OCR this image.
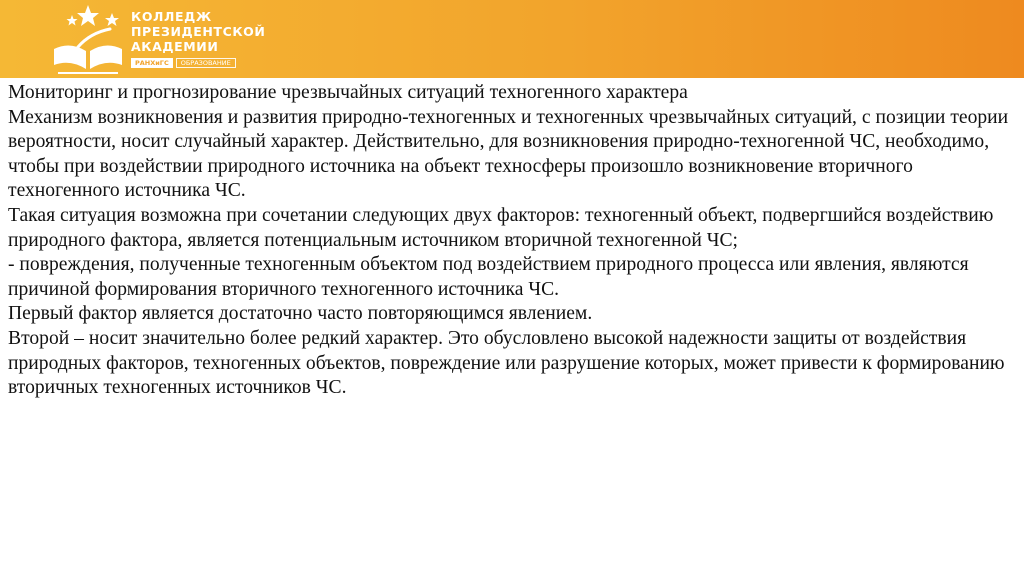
КОЛЛЕДЖ
ПРЕЗИДЕНТСКОЙ
АКАДЕМИИ
РАНХиГС	ОБРАЗОВАНИЕ

Мониторинг и прогнозирование чрезвычайных ситуаций техногенного характера

Механизм возникновения и развития природно-техногенных и техногенных чрезвычайных ситуаций, с позиции теории вероятности, носит случайный характер. Действительно, для возникновения природно-техногенной ЧС, необходимо, чтобы при воздействии природного источника на объект техносферы произошло возникновение вторичного техногенного источника ЧС.

Такая ситуация возможна при сочетании следующих двух факторов: техногенный объект, подвергшийся воздействию природного фактора, является потенциальным источником вторичной техногенной ЧС;

- повреждения, полученные техногенным объектом под воздействием природного процесса или явления, являются причиной формирования вторичного техногенного источника ЧС.

Первый фактор является достаточно часто повторяющимся явлением.

Второй – носит значительно более редкий характер. Это обусловлено высокой надежности защиты от воздействия природных факторов, техногенных объектов, повреждение или разрушение которых, может привести к формированию вторичных техногенных источников ЧС.
